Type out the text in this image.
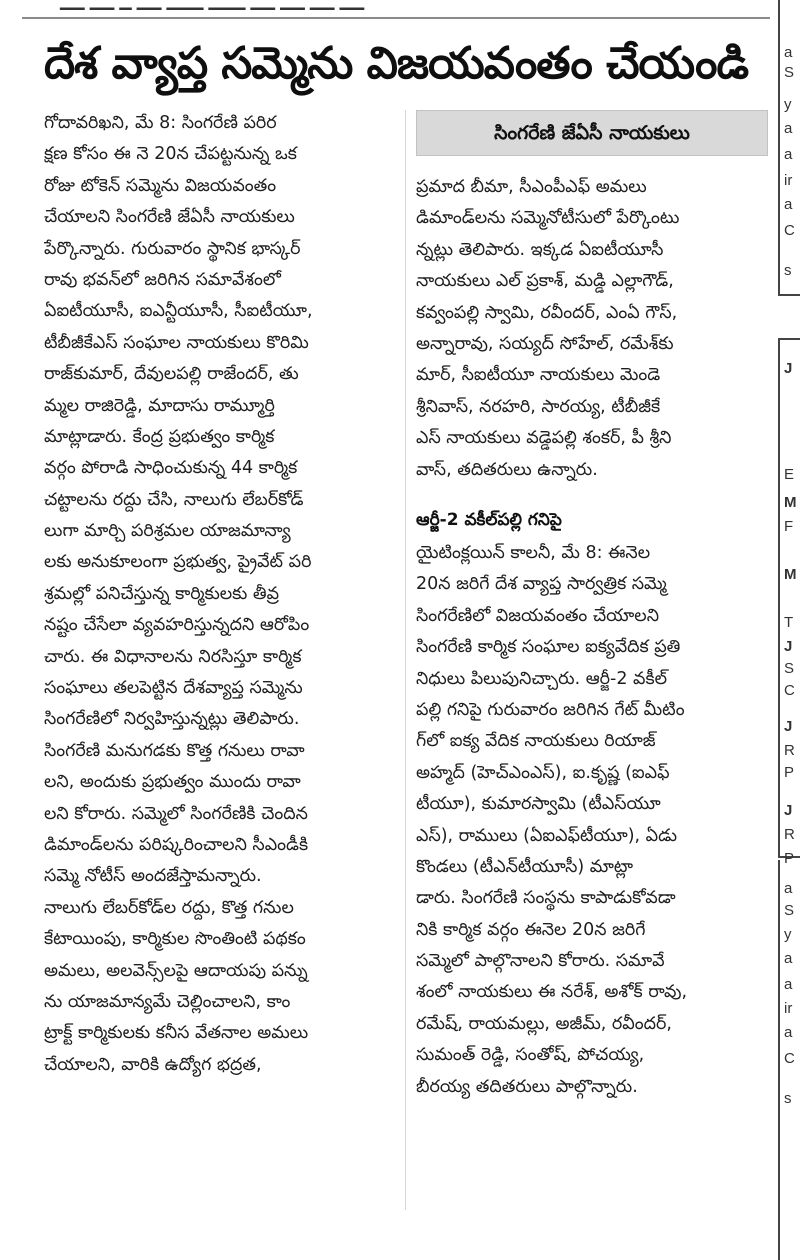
▁▁ ▁▁ ▁ ▁▁ ▁▁▁ ▁▁▁ ▁▁ ▁▁ ▁▁ ▁▁
దేశ వ్యాప్త సమ్మెను విజయవంతం చేయండి
గోదావరిఖని, మే 8: సింగరేణి పరిర
క్షణ కోసం ఈ నె 20న చేపట్టనున్న ఒక
రోజు టోకెన్ సమ్మెను విజయవంతం
చేయాలని సింగరేణి జేఏసీ నాయకులు
పేర్కొన్నారు. గురువారం స్థానిక భాస్కర్
రావు భవన్‌లో జరిగిన సమావేశంలో
ఏఐటీయూసీ, ఐఎన్టీయూసీ, సీఐటీయూ,
టీబీజీకేఎస్ సంఘాల నాయకులు కొరిమి
రాజ్‌కుమార్, దేవులపల్లి రాజేందర్, తు
మ్మల రాజిరెడ్డి, మాదాసు రామ్మూర్తి
మాట్లాడారు. కేంద్ర ప్రభుత్వం కార్మిక
వర్గం పోరాడి సాధించుకున్న 44 కార్మిక
చట్టాలను రద్దు చేసి, నాలుగు లేబర్‌కోడ్
లుగా మార్చి పరిశ్రమల యాజమాన్యా
లకు అనుకూలంగా ప్రభుత్వ, ప్రైవేట్ పరి
శ్రమల్లో పనిచేస్తున్న కార్మికులకు తీవ్ర
నష్టం చేసేలా వ్యవహరిస్తున్నదని ఆరోపిం
చారు. ఈ విధానాలను నిరసిస్తూ కార్మిక
సంఘాలు తలపెట్టిన దేశవ్యాప్త సమ్మెను
సింగరేణిలో నిర్వహిస్తున్నట్లు తెలిపారు.
సింగరేణి మనుగడకు కొత్త గనులు రావా
లని, అందుకు ప్రభుత్వం ముందు రావా
లని కోరారు. సమ్మెలో సింగరేణికి చెందిన
డిమాండ్‌లను పరిష్కరించాలని సీఎండీకి
సమ్మె నోటీస్ అందజేస్తామన్నారు.
నాలుగు లేబర్‌కోడ్‌ల రద్దు, కొత్త గనుల
కేటాయింపు, కార్మికుల సొంతింటి పథకం
అమలు, అలవెన్స్‌లపై ఆదాయపు పన్ను
ను యాజమాన్యమే చెల్లించాలని, కాం
ట్రాక్ట్ కార్మికులకు కనీస వేతనాల అమలు
చేయాలని, వారికి ఉద్యోగ భద్రత,
సింగరేణి జేఏసీ నాయకులు
ప్రమాద బీమా, సీఎంపీఎఫ్ అమలు
డిమాండ్‌లను సమ్మెనోటీసులో పేర్కొంటు
న్నట్లు తెలిపారు. ఇక్కడ ఏఐటీయూసీ
నాయకులు ఎల్ ప్రకాశ్, మడ్డి ఎల్లాగౌడ్,
కవ్వంపల్లి స్వామి, రవీందర్, ఎంఏ గౌస్,
అన్నారావు, సయ్యద్ సోహేల్, రమేశ్‌కు
మార్, సీఐటీయూ నాయకులు మెండె
శ్రీనివాస్, నరహరి, సారయ్య, టీబీజీకే
ఎస్ నాయకులు వడ్డెపల్లి శంకర్, పీ శ్రీని
వాస్, తదితరులు ఉన్నారు.
ఆర్జీ-2 వకీల్‌పల్లి గనిపై
యైటింక్లయిన్ కాలనీ, మే 8: ఈనెల
20న జరిగే దేశ వ్యాప్త సార్వత్రిక సమ్మె
సింగరేణిలో విజయవంతం చేయాలని
సింగరేణి కార్మిక సంఘాల ఐక్యవేదిక ప్రతి
నిధులు పిలుపునిచ్చారు. ఆర్జీ-2 వకీల్
పల్లి గనిపై గురువారం జరిగిన గేట్ మీటిం
గ్‌లో ఐక్య వేదిక నాయకులు రియాజ్
అహ్మద్ (హెచ్ఎంఎస్), ఐ.కృష్ణ (ఐఎఫ్
టీయూ), కుమారస్వామి (టీఎస్‌యూ
ఎస్), రాములు (ఏఐఎఫ్‌టీయూ), ఏడు
కొండలు (టీఎన్‌టీయూసీ) మాట్లా
డారు. సింగరేణి సంస్థను కాపాడుకోవడా
నికి కార్మిక వర్గం ఈనెల 20న జరిగే
సమ్మెలో పాల్గొనాలని కోరారు. సమావే
శంలో నాయకులు ఈ నరేశ్, అశోక్ రావు,
రమేష్, రాయమల్లు, అజీమ్, రవీందర్,
సుమంత్ రెడ్డి, సంతోష్, పోచయ్య,
బీరయ్య తదితరులు పాల్గొన్నారు.
a
S
y
a
a
ir
a
C
s
J
E
M
F
M
T
J
S
C
J
R
P
J
R
P
a
S
y
a
a
ir
a
C
s
